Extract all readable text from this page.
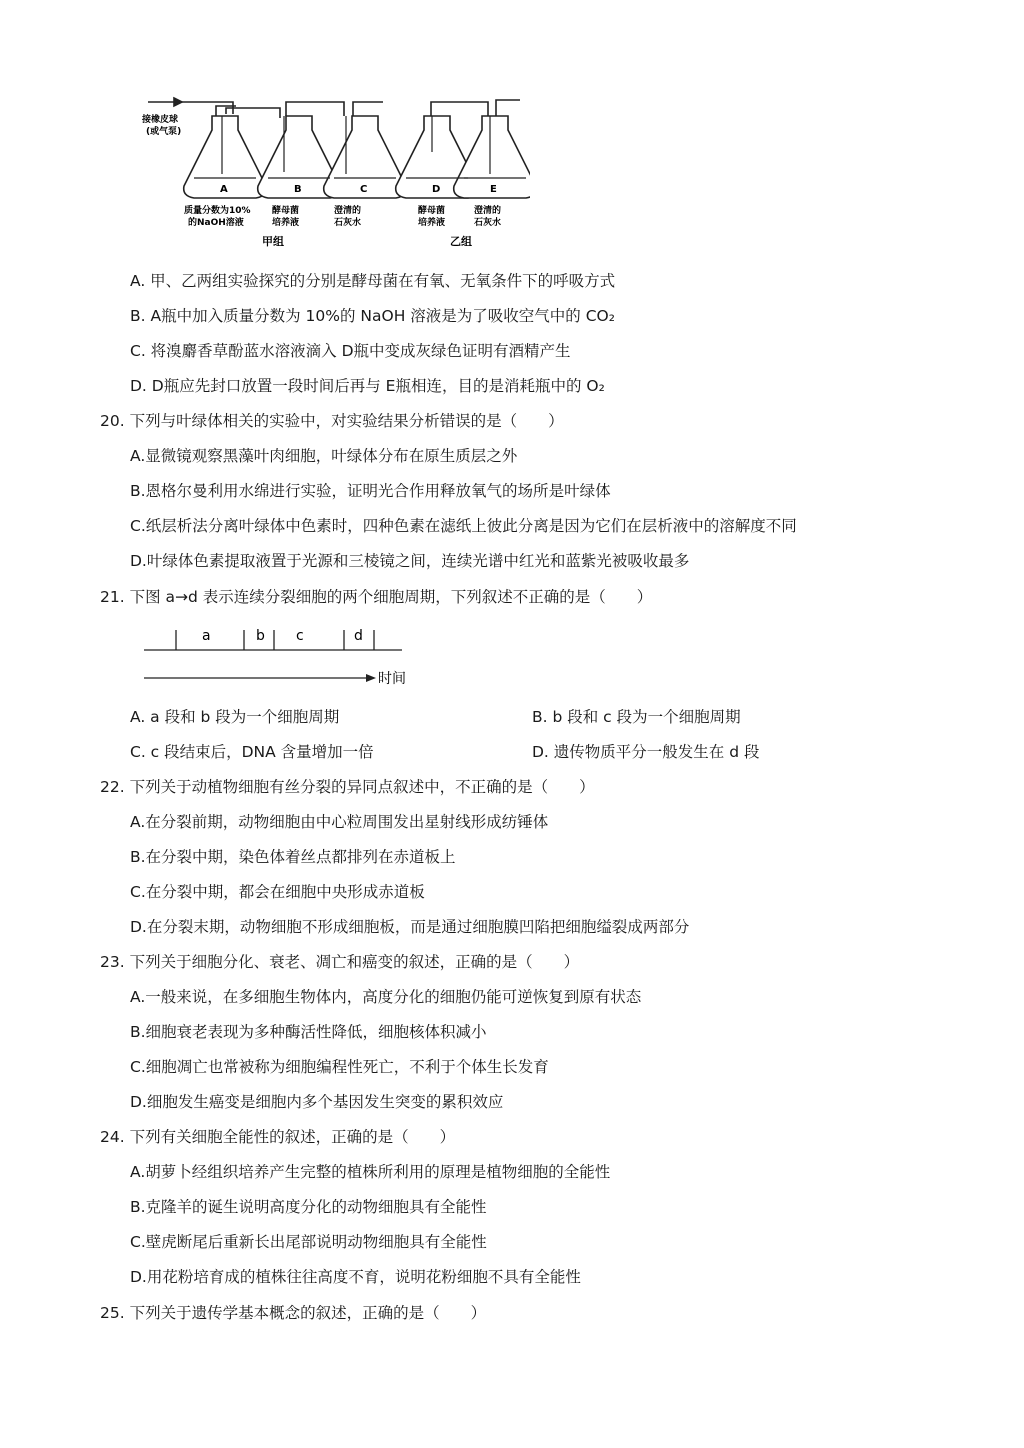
接橡皮球
(或气泵)
A	B	C	D	E
质量分数为10%
的NaOH溶液
酵母菌
培养液
澄清的
石灰水
酵母菌
培养液
澄清的
石灰水
甲组	乙组
A. 甲、乙两组实验探究的分别是酵母菌在有氧、无氧条件下的呼吸方式
B. A瓶中加入质量分数为 10%的 NaOH 溶液是为了吸收空气中的 CO₂
C. 将溴麝香草酚蓝水溶液滴入 D瓶中变成灰绿色证明有酒精产生
D. D瓶应先封口放置一段时间后再与 E瓶相连，目的是消耗瓶中的 O₂
20. 下列与叶绿体相关的实验中，对实验结果分析错误的是（　　）
A.显微镜观察黑藻叶肉细胞，叶绿体分布在原生质层之外
B.恩格尔曼利用水绵进行实验，证明光合作用释放氧气的场所是叶绿体
C.纸层析法分离叶绿体中色素时，四种色素在滤纸上彼此分离是因为它们在层析液中的溶解度不同
D.叶绿体色素提取液置于光源和三棱镜之间，连续光谱中红光和蓝紫光被吸收最多
21. 下图 a→d 表示连续分裂细胞的两个细胞周期，下列叙述不正确的是（　　）
a	b c	d
时间
A. a 段和 b 段为一个细胞周期	B. b 段和 c 段为一个细胞周期
C. c 段结束后，DNA 含量增加一倍	D. 遗传物质平分一般发生在 d 段
22. 下列关于动植物细胞有丝分裂的异同点叙述中，不正确的是（　　）
A.在分裂前期，动物细胞由中心粒周围发出星射线形成纺锤体
B.在分裂中期，染色体着丝点都排列在赤道板上
C.在分裂中期，都会在细胞中央形成赤道板
D.在分裂末期，动物细胞不形成细胞板，而是通过细胞膜凹陷把细胞缢裂成两部分
23. 下列关于细胞分化、衰老、凋亡和癌变的叙述，正确的是（　　）
A.一般来说，在多细胞生物体内，高度分化的细胞仍能可逆恢复到原有状态
B.细胞衰老表现为多种酶活性降低，细胞核体积减小
C.细胞凋亡也常被称为细胞编程性死亡，不利于个体生长发育
D.细胞发生癌变是细胞内多个基因发生突变的累积效应
24. 下列有关细胞全能性的叙述，正确的是（　　）
A.胡萝卜经组织培养产生完整的植株所利用的原理是植物细胞的全能性
B.克隆羊的诞生说明高度分化的动物细胞具有全能性
C.壁虎断尾后重新长出尾部说明动物细胞具有全能性
D.用花粉培育成的植株往往高度不育，说明花粉细胞不具有全能性
25. 下列关于遗传学基本概念的叙述，正确的是（　　）
